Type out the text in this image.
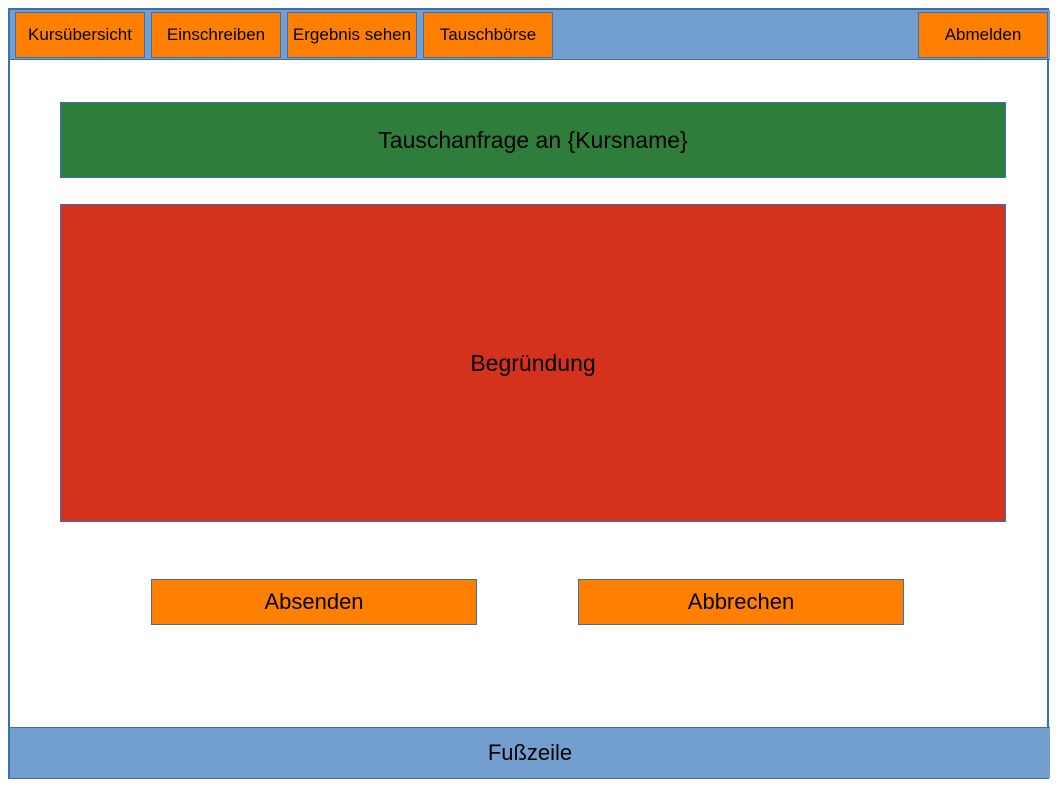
Kursübersicht	Einschreiben	Ergebnis sehen	Tauschbörse	Abmelden
Tauschanfrage an {Kursname}
Begründung
Absenden	Abbrechen
Fußzeile
